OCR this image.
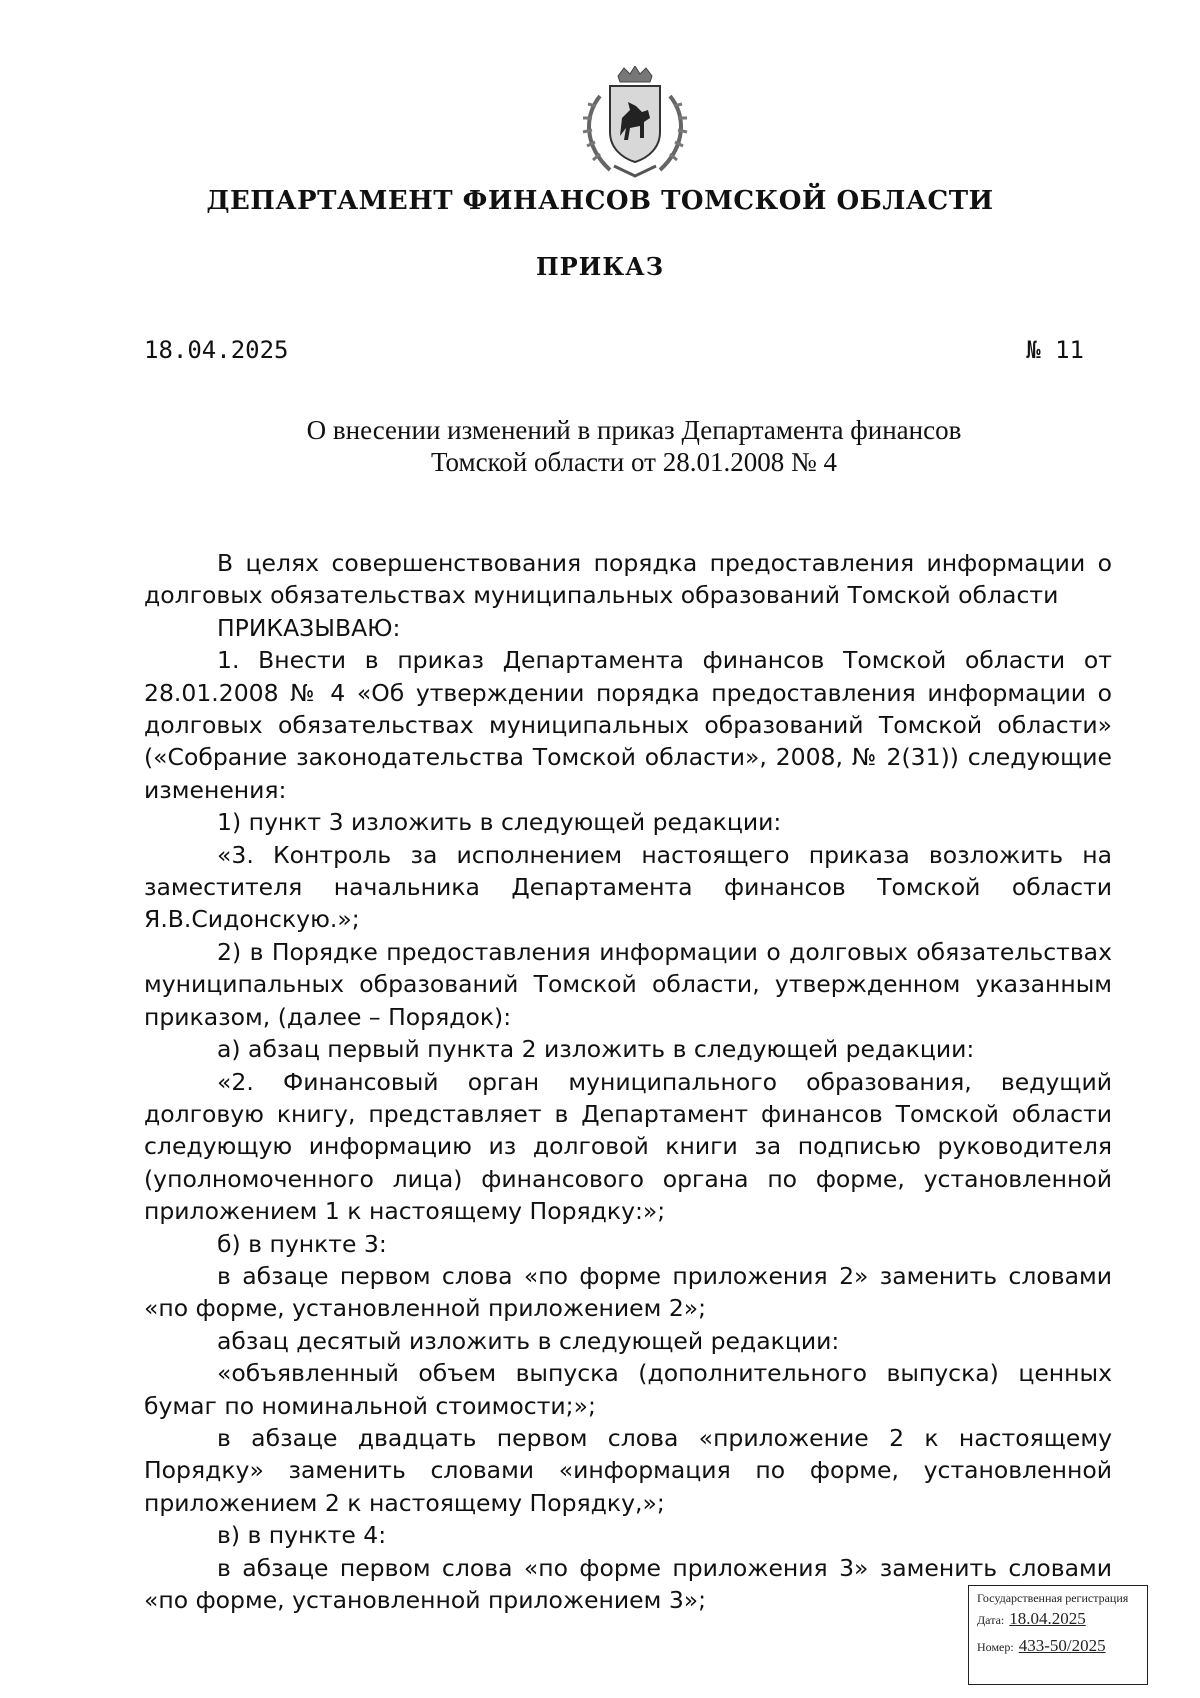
ДЕПАРТАМЕНТ ФИНАНСОВ ТОМСКОЙ ОБЛАСТИ
ПРИКАЗ
18.04.2025	№ 11
О внесении изменений в приказ Департамента финансов
Томской области от 28.01.2008 № 4

В целях совершенствования порядка предоставления информации о долговых обязательствах муниципальных образований Томской области

ПРИКАЗЫВАЮ:

1. Внести в приказ Департамента финансов Томской области от 28.01.2008 № 4 «Об утверждении порядка предоставления информации о долговых обязательствах муниципальных образований Томской области» («Собрание законодательства Томской области», 2008, № 2(31)) следующие изменения:

1) пункт 3 изложить в следующей редакции:

«3. Контроль за исполнением настоящего приказа возложить на заместителя начальника Департамента финансов Томской области Я.В.Сидонскую.»;

2) в Порядке предоставления информации о долговых обязательствах муниципальных образований Томской области, утвержденном указанным приказом, (далее – Порядок):

а) абзац первый пункта 2 изложить в следующей редакции:

«2. Финансовый орган муниципального образования, ведущий долговую книгу, представляет в Департамент финансов Томской области следующую информацию из долговой книги за подписью руководителя (уполномоченного лица) финансового органа по форме, установленной приложением 1 к настоящему Порядку:»;

б) в пункте 3:

в абзаце первом слова «по форме приложения 2» заменить словами «по форме, установленной приложением 2»;

абзац десятый изложить в следующей редакции:

«объявленный объем выпуска (дополнительного выпуска) ценных бумаг по номинальной стоимости;»;

в абзаце двадцать первом слова «приложение 2 к настоящему Порядку» заменить словами «информация по форме, установленной приложением 2 к настоящему Порядку,»;

в) в пункте 4:

в абзаце первом слова «по форме приложения 3» заменить словами «по форме, установленной приложением 3»;	Государственная регистрация
Дата: 18.04.2025
Номер: 433-50/2025
